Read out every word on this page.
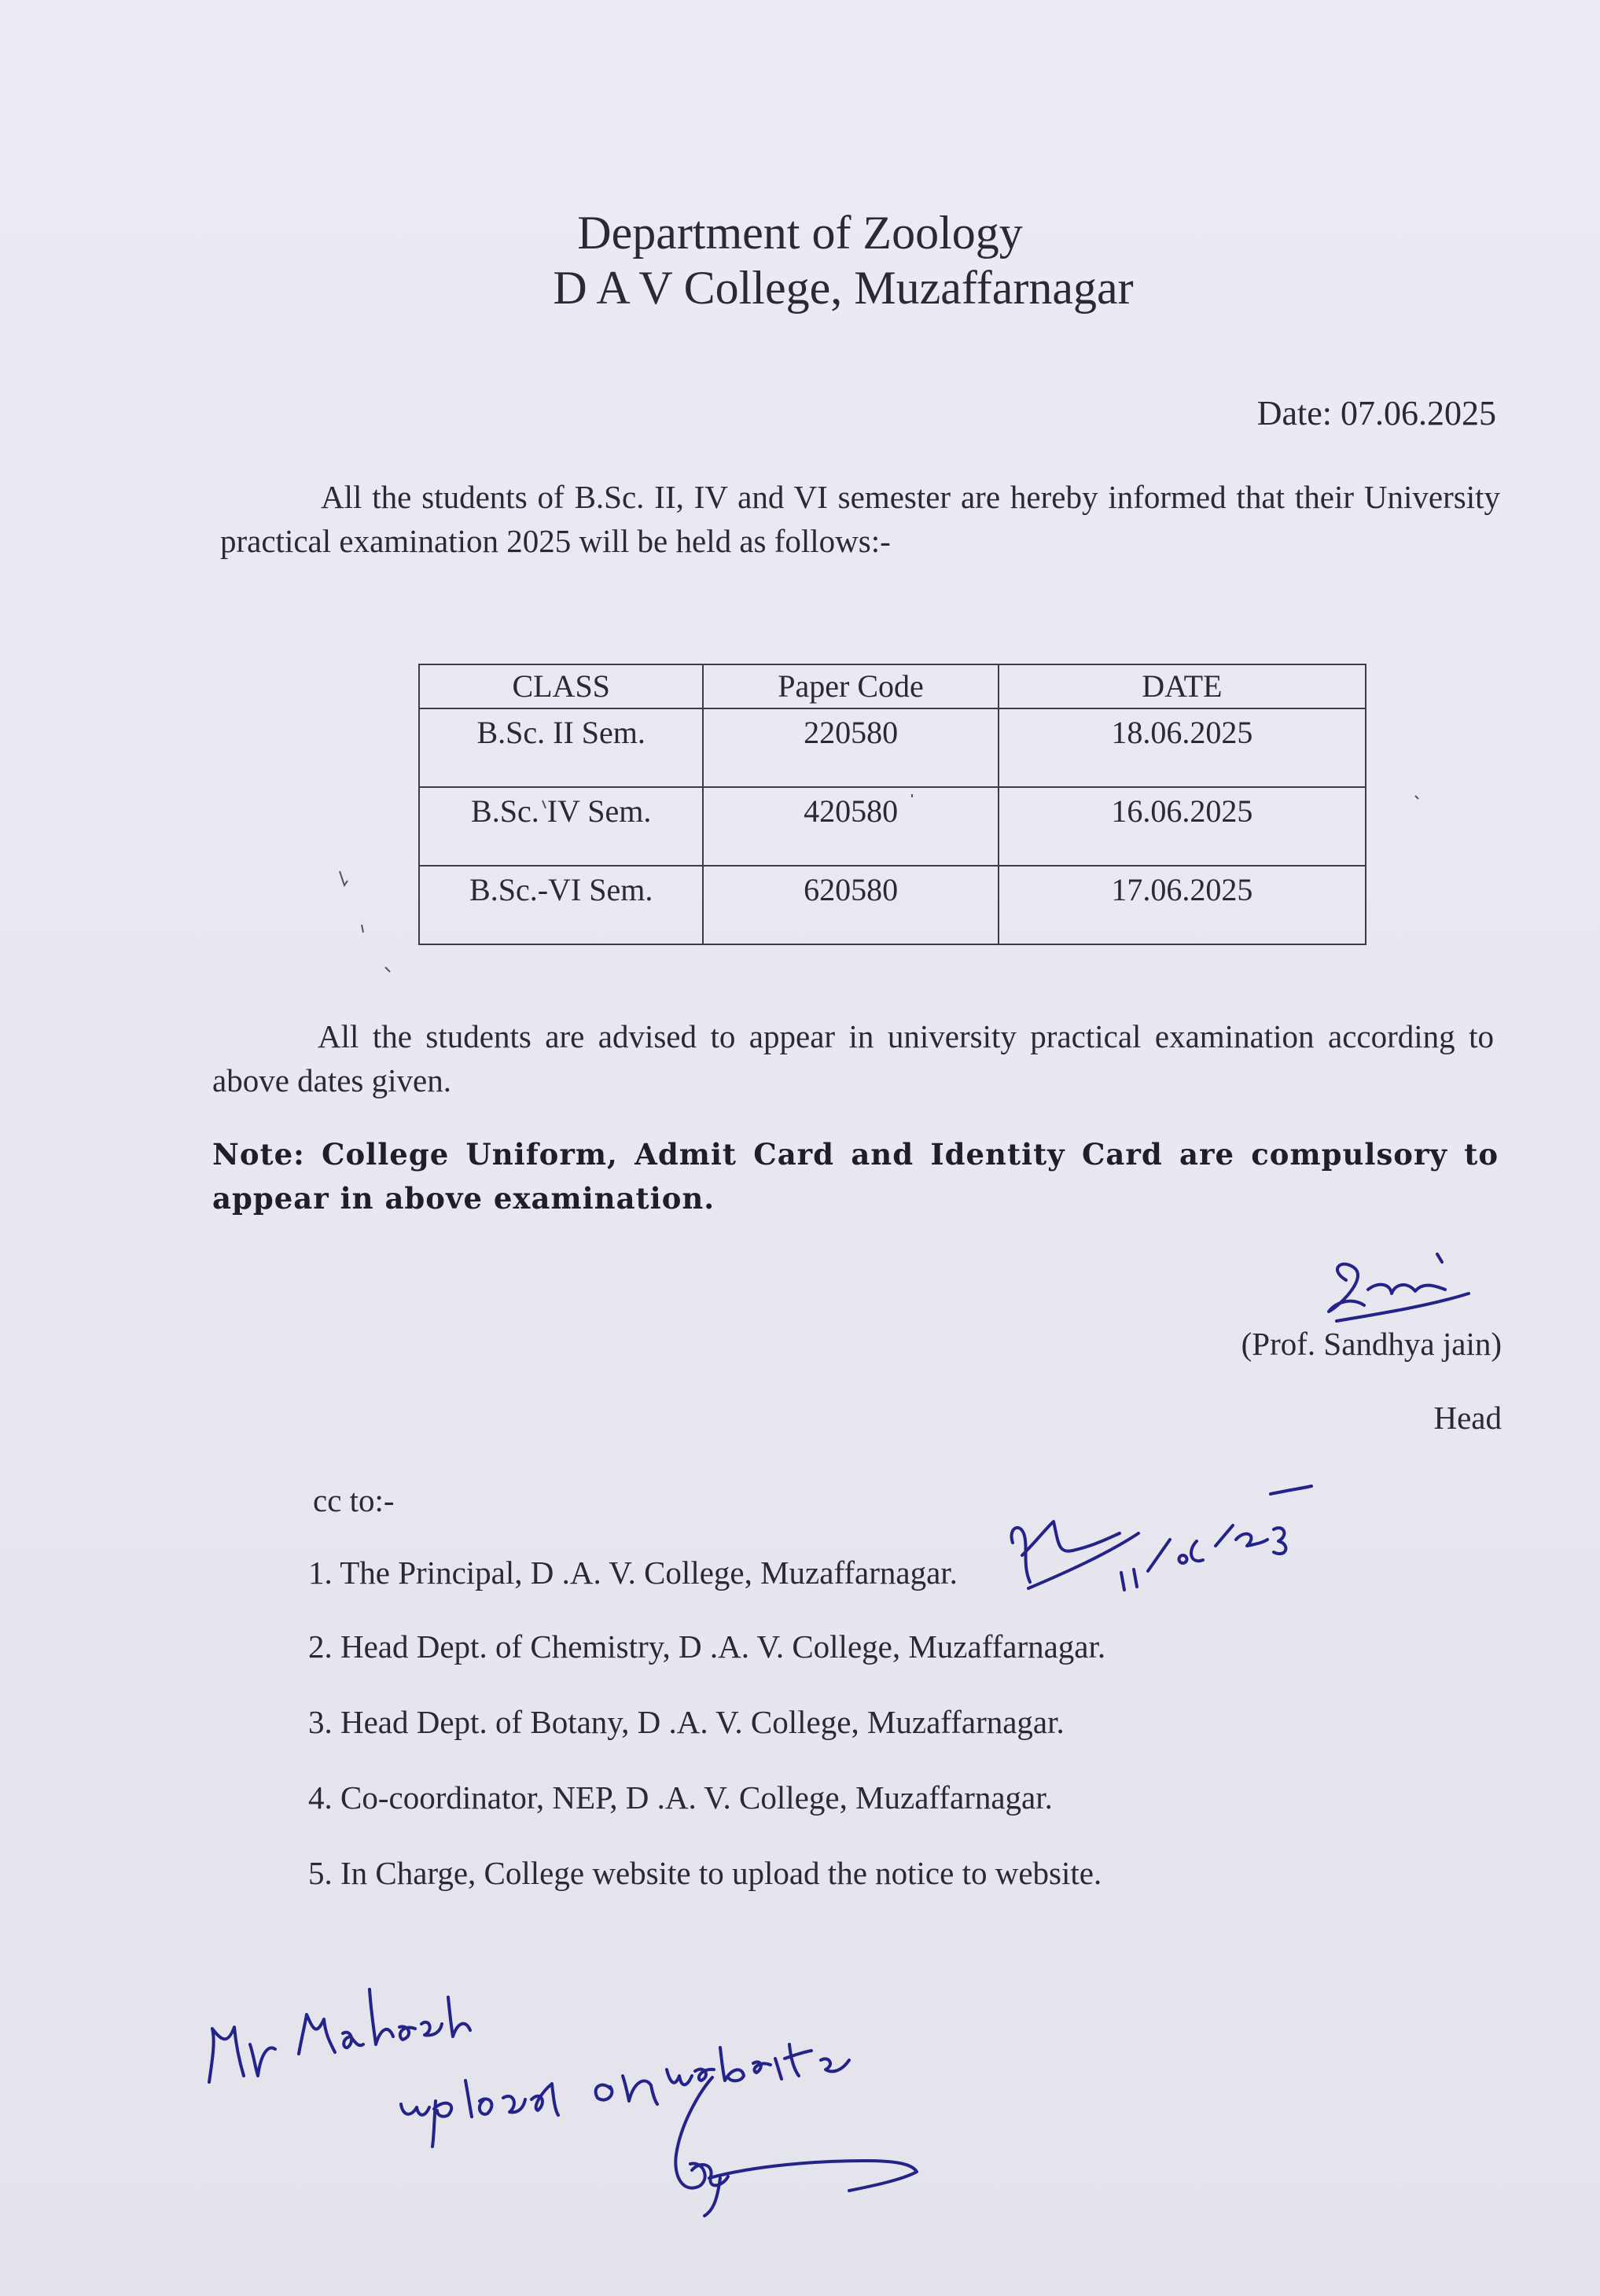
Department of Zoology
D A V College, Muzaffarnagar
Date: 07.06.2025
All the students of B.Sc. II, IV and VI semester are hereby informed that their University practical examination 2025 will be held as follows:-
CLASS	Paper Code	DATE
B.Sc. II Sem.	220580	18.06.2025
B.Sc. IV Sem.	420580	16.06.2025
B.Sc.-VI Sem.	620580	17.06.2025
All the students are advised to appear in university practical examination according to above dates given.
Note: College Uniform, Admit Card and Identity Card are compulsory to appear in above examination.
(Prof. Sandhya jain)
Head
cc to:-
1. The Principal, D .A. V. College, Muzaffarnagar.
2. Head Dept. of Chemistry, D .A. V. College, Muzaffarnagar.
3. Head Dept. of Botany, D .A. V. College, Muzaffarnagar.
4. Co-coordinator, NEP, D .A. V. College, Muzaffarnagar.
5. In Charge, College website to upload the notice to website.
